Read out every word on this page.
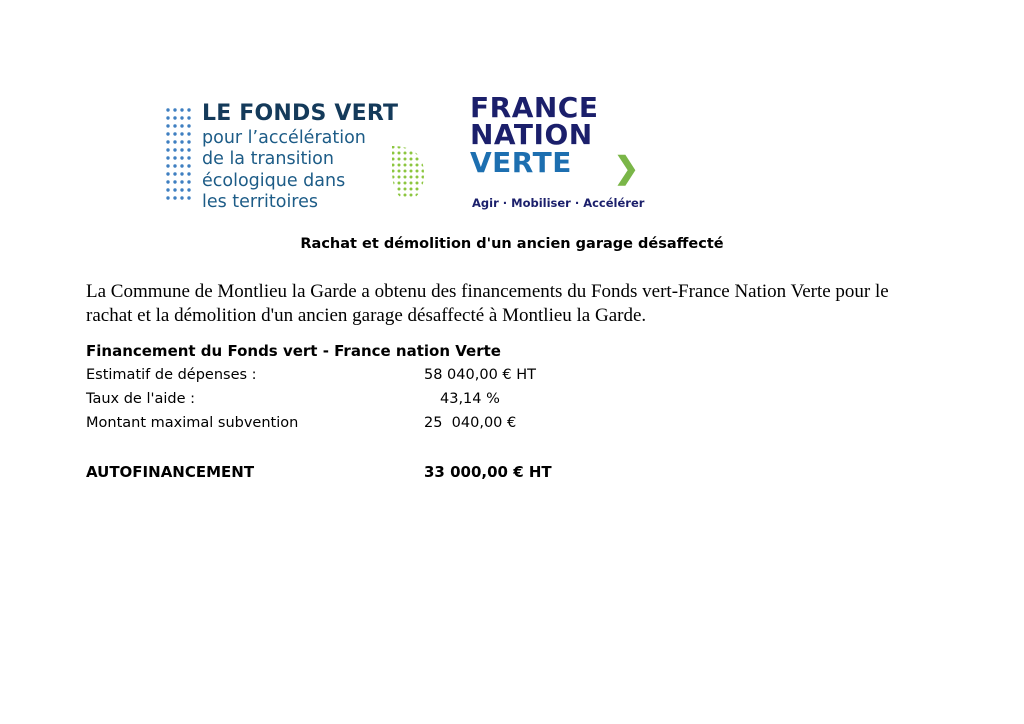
LE FONDS VERT
pour l’accélération
de la transition
écologique dans
les territoires
FRANCE
NATION
VERTE	❯
Agir · Mobiliser · Accélérer
Rachat et démolition d'un ancien garage désaffecté
La Commune de Montlieu la Garde a obtenu des financements du Fonds vert-France Nation Verte pour le rachat et la démolition d'un ancien garage désaffecté à Montlieu la Garde.
Financement du Fonds vert - France nation Verte
Estimatif de dépenses :	58 040,00 € HT
Taux de l'aide :	43,14 %
Montant maximal subvention	25  040,00 €
AUTOFINANCEMENT	33 000,00 € HT
